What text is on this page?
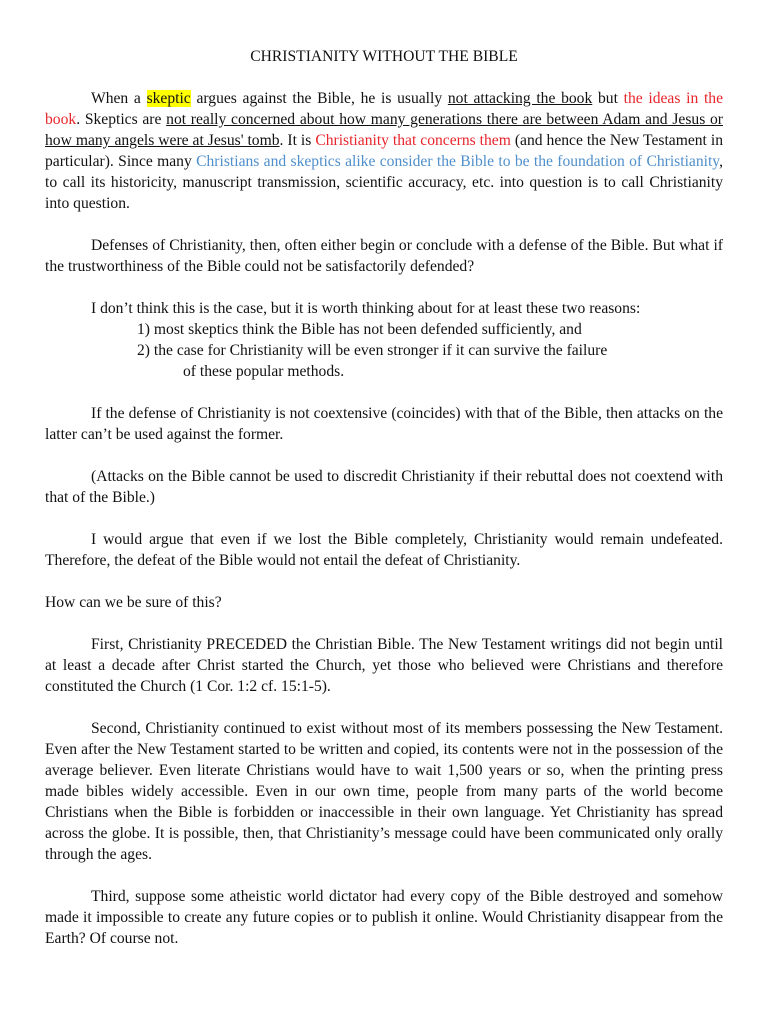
CHRISTIANITY WITHOUT THE BIBLE

When a skeptic argues against the Bible, he is usually not attacking the book but the ideas in the book. Skeptics are not really concerned about how many generations there are between Adam and Jesus or how many angels were at Jesus' tomb. It is Christianity that concerns them (and hence the New Testament in particular). Since many Christians and skeptics alike consider the Bible to be the foundation of Christianity, to call its historicity, manuscript transmission, scientific accuracy, etc. into question is to call Christianity into question.

Defenses of Christianity, then, often either begin or conclude with a defense of the Bible. But what if the trustworthiness of the Bible could not be satisfactorily defended?

I don’t think this is the case, but it is worth thinking about for at least these two reasons:
1) most skeptics think the Bible has not been defended sufficiently, and
2) the case for Christianity will be even stronger if it can survive the failure
of these popular methods.

If the defense of Christianity is not coextensive (coincides) with that of the Bible, then attacks on the latter can’t be used against the former.

(Attacks on the Bible cannot be used to discredit Christianity if their rebuttal does not coextend with that of the Bible.)

I would argue that even if we lost the Bible completely, Christianity would remain undefeated. Therefore, the defeat of the Bible would not entail the defeat of Christianity.

How can we be sure of this?

First, Christianity PRECEDED the Christian Bible. The New Testament writings did not begin until at least a decade after Christ started the Church, yet those who believed were Christians and therefore constituted the Church (1 Cor. 1:2 cf. 15:1-5).

Second, Christianity continued to exist without most of its members possessing the New Testament. Even after the New Testament started to be written and copied, its contents were not in the possession of the average believer. Even literate Christians would have to wait 1,500 years or so, when the printing press made bibles widely accessible. Even in our own time, people from many parts of the world become Christians when the Bible is forbidden or inaccessible in their own language. Yet Christianity has spread across the globe. It is possible, then, that Christianity’s message could have been communicated only orally through the ages.

Third, suppose some atheistic world dictator had every copy of the Bible destroyed and somehow made it impossible to create any future copies or to publish it online. Would Christianity disappear from the Earth? Of course not.
